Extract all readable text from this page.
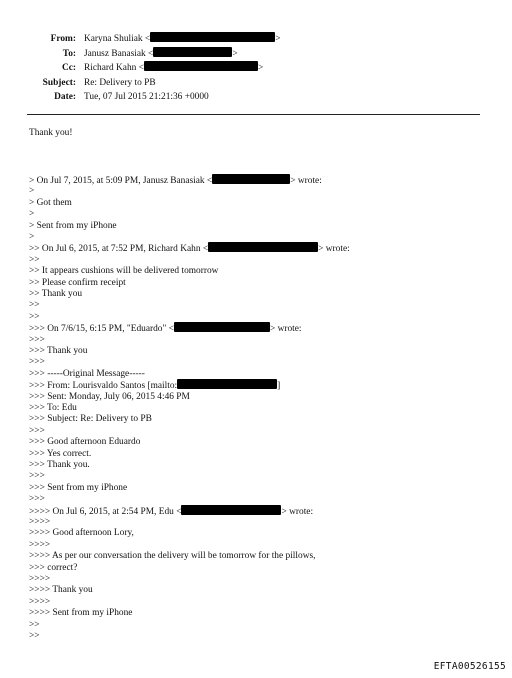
From: Karyna Shuliak <	>
To: Janusz Banasiak <	>
Cc: Richard Kahn <	>
Subject: Re: Delivery to PB
Date: Tue, 07 Jul 2015 21:21:36 +0000
Thank you!
> On Jul 7, 2015, at 5:09 PM, Janusz Banasiak <	> wrote:
>
> Got them
>
> Sent from my iPhone
>
>> On Jul 6, 2015, at 7:52 PM, Richard Kahn <	> wrote:
>>
>> It appears cushions will be delivered tomorrow
>> Please confirm receipt
>> Thank you
>>
>>
>>> On 7/6/15, 6:15 PM, "Eduardo" <	> wrote:
>>>
>>> Thank you
>>>
>>> -----Original Message-----
>>> From: Lourisvaldo Santos [mailto:	]
>>> Sent: Monday, July 06, 2015 4:46 PM
>>> To: Edu
>>> Subject: Re: Delivery to PB
>>>
>>> Good afternoon Eduardo
>>> Yes correct.
>>> Thank you.
>>>
>>> Sent from my iPhone
>>>
>>>> On Jul 6, 2015, at 2:54 PM, Edu <	> wrote:
>>>>
>>>> Good afternoon Lory,
>>>>
>>>> As per our conversation the delivery will be tomorrow for the pillows,
>>> correct?
>>>>
>>>> Thank you
>>>>
>>>> Sent from my iPhone
>>
>>
EFTA00526155
